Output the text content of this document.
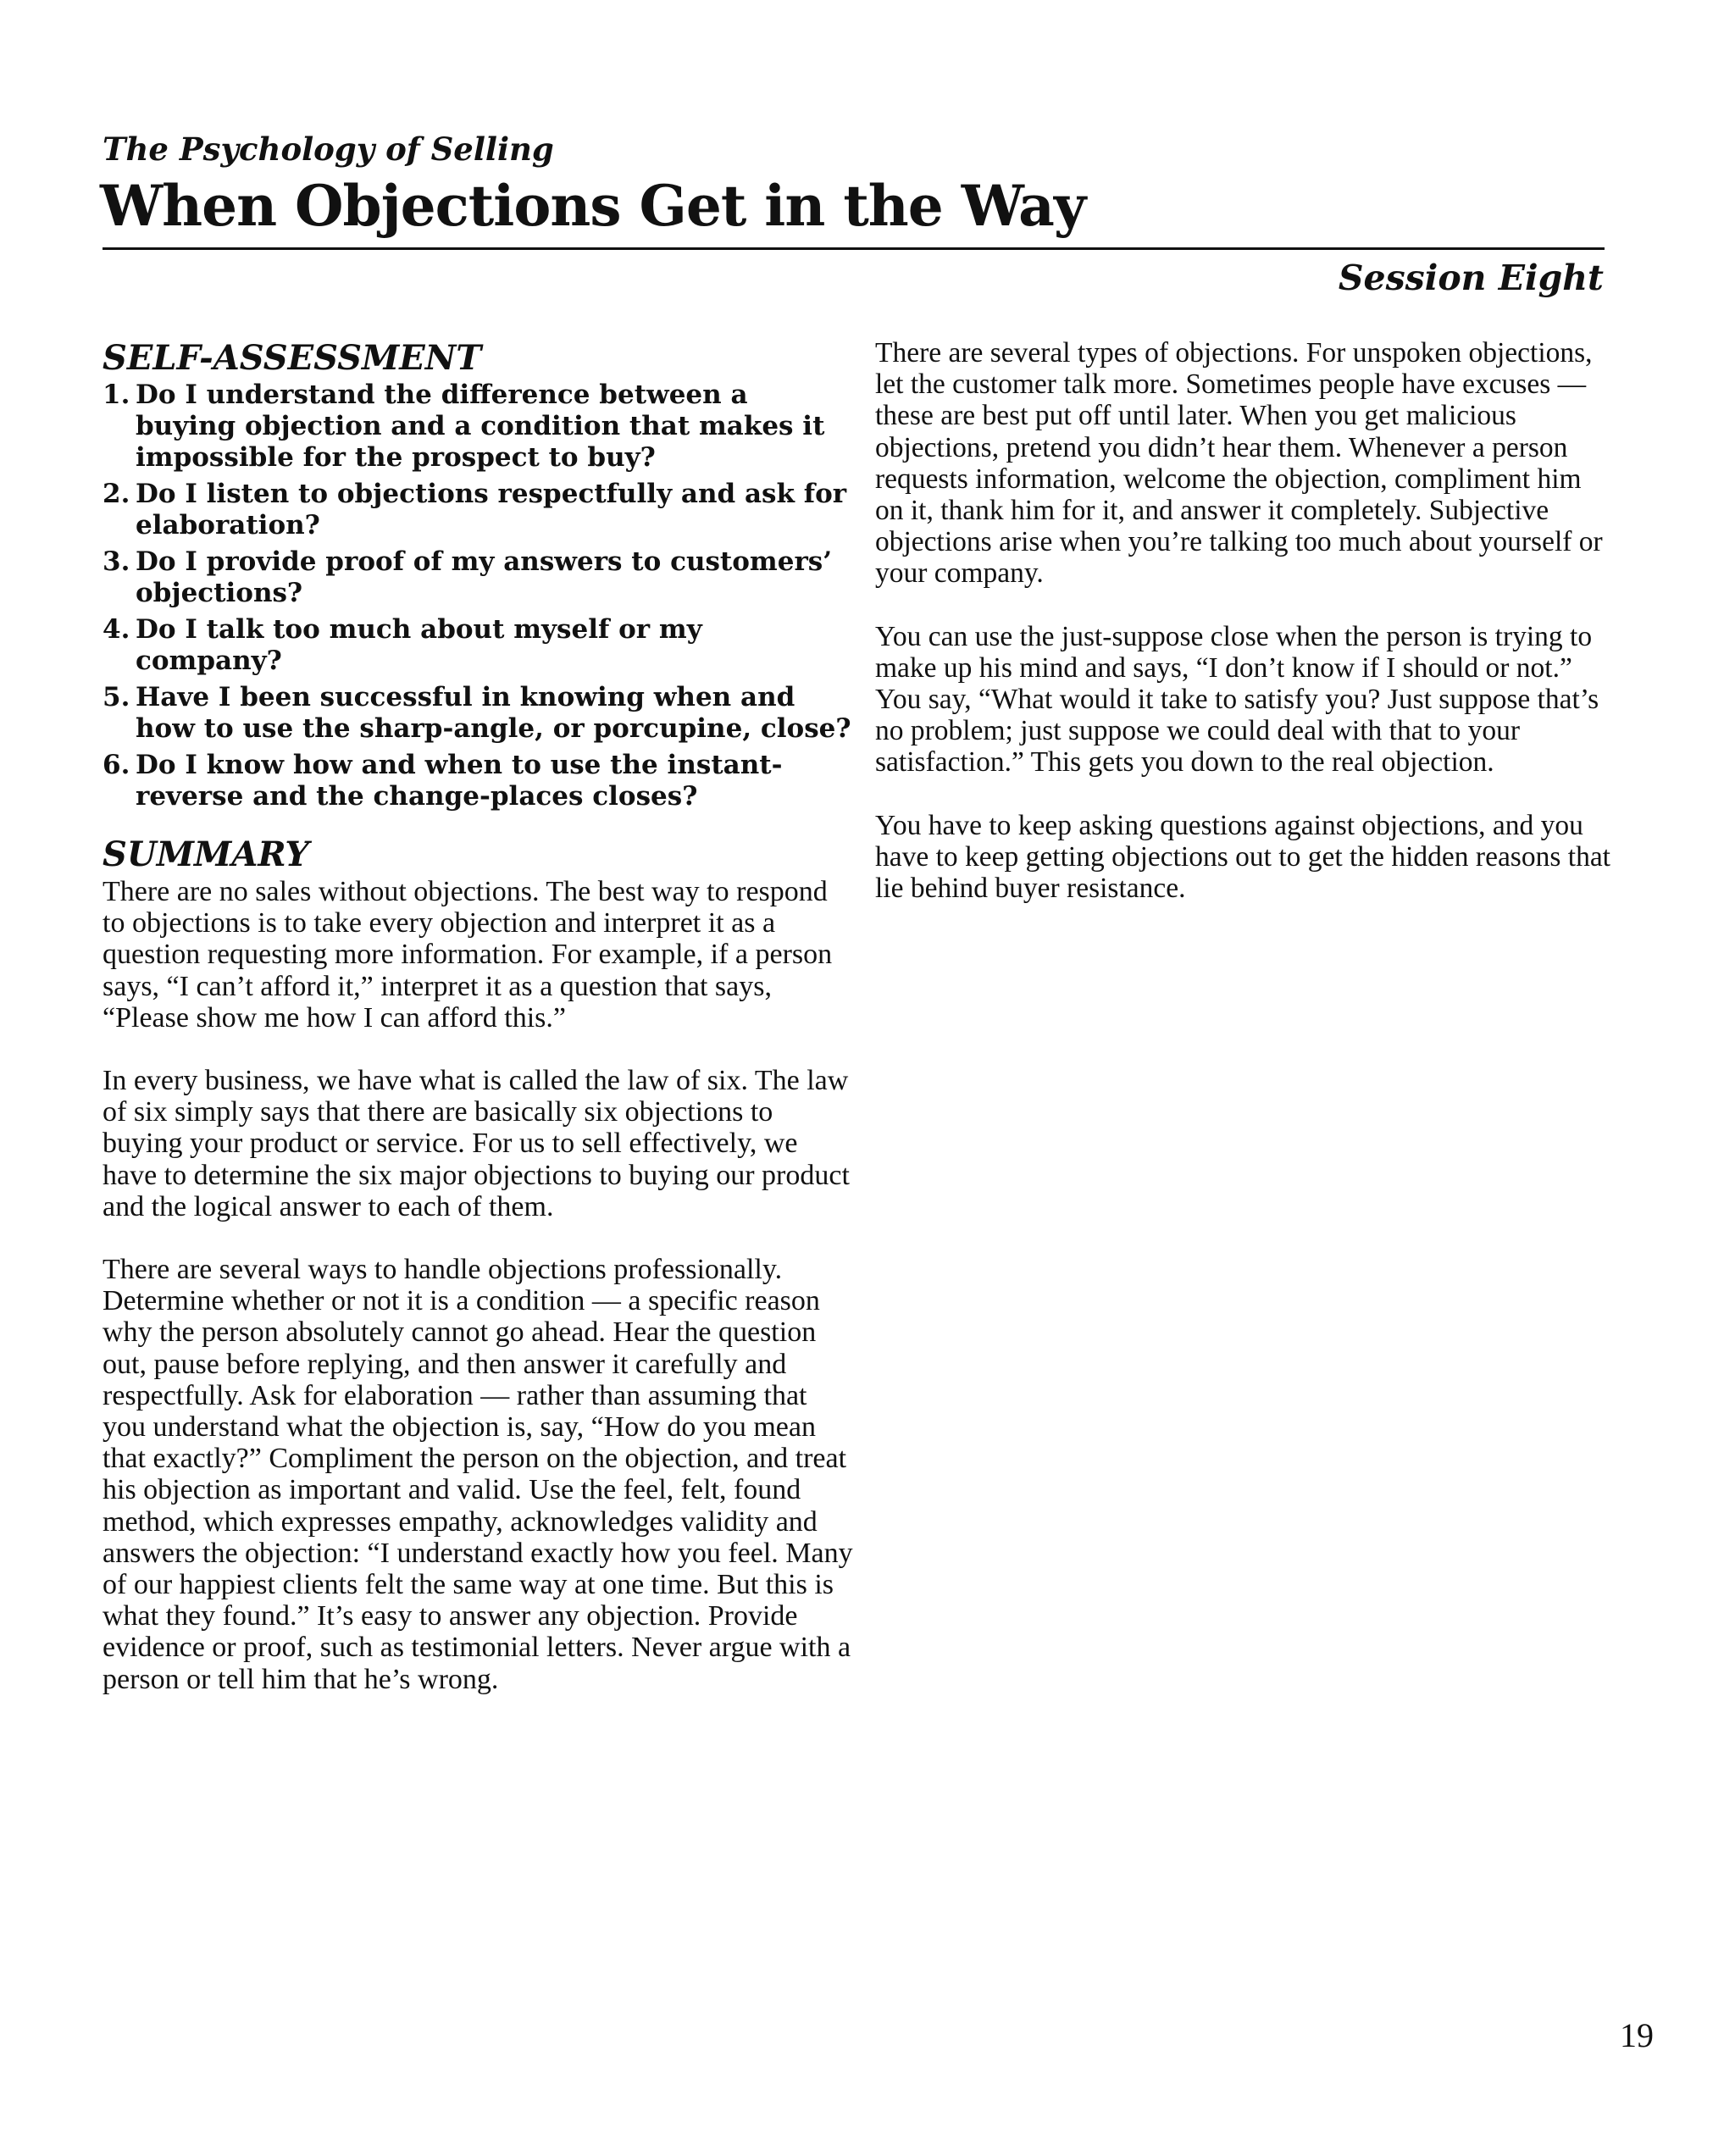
The Psychology of Selling

When Objections Get in the Way
Session Eight
SELF-ASSESSMENT
1. Do I understand the difference between a buying objection and a condition that makes it impossible for the prospect to buy?
2. Do I listen to objections respectfully and ask for elaboration?
3. Do I provide proof of my answers to customers’ objections?
4. Do I talk too much about myself or my company?
5. Have I been successful in knowing when and how to use the sharp-angle, or porcupine, close?
6. Do I know how and when to use the instant-reverse and the change-places closes?
SUMMARY

There are no sales without objections. The best way to respond to objections is to take every objection and interpret it as a question requesting more information. For example, if a person says, “I can’t afford it,” interpret it as a question that says, “Please show me how I can afford this.”

In every business, we have what is called the law of six. The law of six simply says that there are basically six objections to buying your product or service. For us to sell effectively, we have to determine the six major objections to buying our product and the logical answer to each of them.

There are several ways to handle objections professionally. Determine whether or not it is a condition — a specific reason why the person absolutely cannot go ahead. Hear the question out, pause before replying, and then answer it carefully and respectfully. Ask for elaboration — rather than assuming that you understand what the objection is, say, “How do you mean that exactly?” Compliment the person on the objection, and treat his objection as important and valid. Use the feel, felt, found method, which expresses empathy, acknowledges validity and answers the objection: “I understand exactly how you feel. Many of our happiest clients felt the same way at one time. But this is what they found.” It’s easy to answer any objection. Provide evidence or proof, such as testimonial letters. Never argue with a person or tell him that he’s wrong.

There are several types of objections. For unspoken objections, let the customer talk more. Sometimes people have excuses — these are best put off until later. When you get malicious objections, pretend you didn’t hear them. Whenever a person requests information, welcome the objection, compliment him on it, thank him for it, and answer it completely. Subjective objections arise when you’re talking too much about yourself or your company.

You can use the just-suppose close when the person is trying to make up his mind and says, “I don’t know if I should or not.” You say, “What would it take to satisfy you? Just suppose that’s no problem; just suppose we could deal with that to your satisfaction.” This gets you down to the real objection.

You have to keep asking questions against objections, and you have to keep getting objections out to get the hidden reasons that lie behind buyer resistance.

19
